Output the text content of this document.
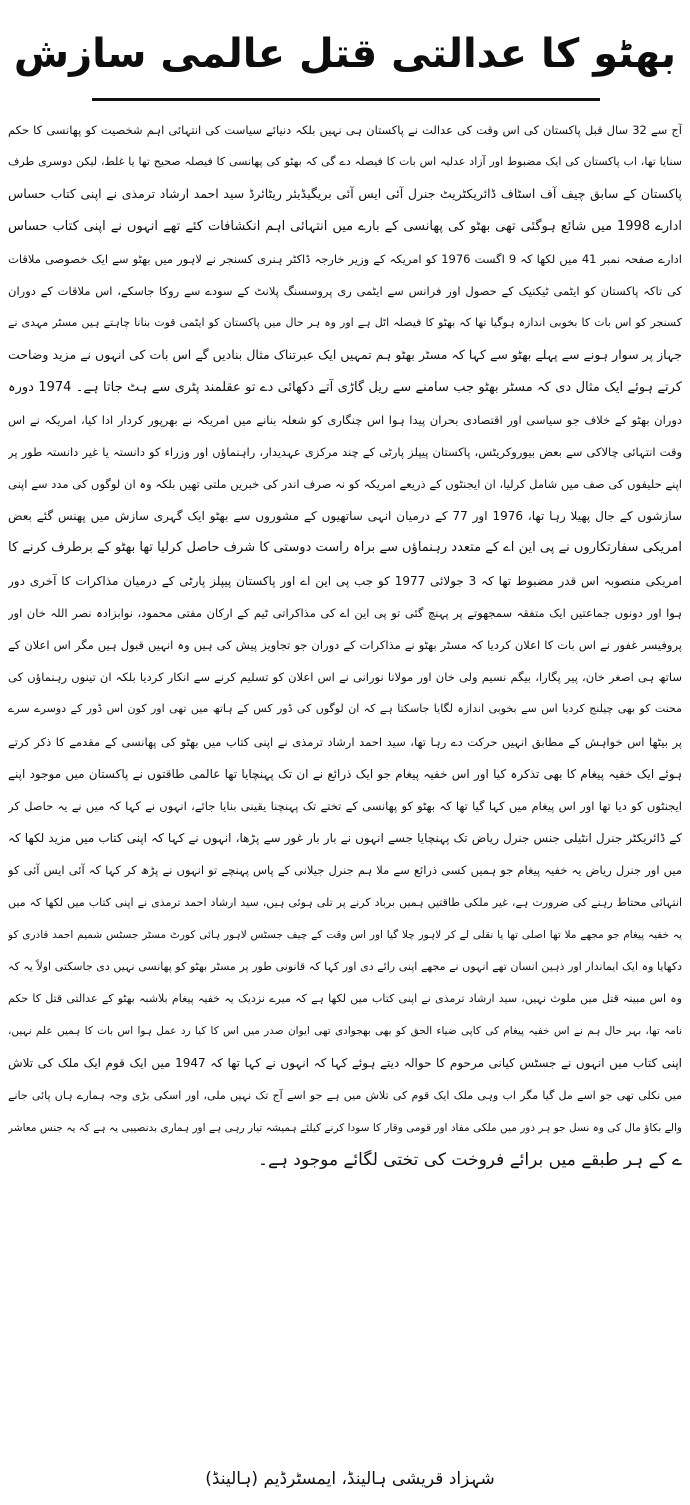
بھٹو کا عدالتی قتل عالمی سازش
آج سے 32 سال قبل پاکستان کی اس وقت کی عدالت نے پاکستان ہی نہیں بلکہ دنیائے سیاست کی انتہائی اہم شخصیت کو پھانسی کا حکم
سنایا تھا، اب پاکستان کی ایک مضبوط اور آزاد عدلیہ اس بات کا فیصلہ دے گی کہ بھٹو کی پھانسی کا فیصلہ صحیح تھا یا غلط، لیکن دوسری طرف
پاکستان کے سابق چیف آف اسٹاف ڈائریکٹریٹ جنرل آئی ایس آئی بریگیڈیئر ریٹائرڈ سید احمد ارشاد ترمذی نے اپنی کتاب حساس
ادارے 1998 میں شائع ہوگئی تھی بھٹو کی پھانسی کے بارے میں انتہائی اہم انکشافات کئے تھے انہوں نے اپنی کتاب حساس
ادارے صفحہ نمبر 41 میں لکھا کہ 9 اگست 1976 کو امریکہ کے وزیر خارجہ ڈاکٹر ہنری کسنجر نے لاہور میں بھٹو سے ایک خصوصی ملاقات
کی تاکہ پاکستان کو ایٹمی ٹیکنیک کے حصول اور فرانس سے ایٹمی ری پروسسنگ پلانٹ کے سودے سے روکا جاسکے، اس ملاقات کے دوران
کسنجر کو اس بات کا بخوبی اندازہ ہوگیا تھا کہ بھٹو کا فیصلہ اٹل ہے اور وہ ہر حال میں پاکستان کو ایٹمی قوت بنانا چاہتے ہیں مسٹر مہدی نے
جہاز پر سوار ہونے سے پہلے بھٹو سے کہا کہ مسٹر بھٹو ہم تمہیں ایک عبرتناک مثال بنادیں گے اس بات کی انہوں نے مزید وضاحت
کرتے ہوئے ایک مثال دی کہ مسٹر بھٹو جب سامنے سے ریل گاڑی آتے دکھائی دے تو عقلمند پٹری سے ہٹ جاتا ہے۔ 1974 دورہ
دوران بھٹو کے خلاف جو سیاسی اور اقتصادی بحران پیدا ہوا اس چنگاری کو شعلہ بنانے میں امریکہ نے بھرپور کردار ادا کیا، امریکہ نے اس
وقت انتہائی چالاکی سے بعض بیوروکریٹس، پاکستان پیپلز پارٹی کے چند مرکزی عہدیدار، راہنماؤں اور وزراء کو دانستہ یا غیر دانستہ طور پر
اپنے حلیفوں کی صف میں شامل کرلیا، ان ایجنٹوں کے ذریعے امریکہ کو نہ صرف اندر کی خبریں ملتی تھیں بلکہ وہ ان لوگوں کی مدد سے اپنی
سازشوں کے جال پھیلا رہا تھا، 1976 اور 77 کے درمیان انہی ساتھیوں کے مشوروں سے بھٹو ایک گہری سازش میں پھنس گئے بعض
امریکی سفارتکاروں نے پی این اے کے متعدد رہنماؤں سے براہ راست دوستی کا شرف حاصل کرلیا تھا بھٹو کے برطرف کرنے کا
امریکی منصوبہ اس قدر مضبوط تھا کہ 3 جولائی 1977 کو جب پی این اے اور پاکستان پیپلز پارٹی کے درمیان مذاکرات کا آخری دور
ہوا اور دونوں جماعتیں ایک متفقہ سمجھوتے پر پہنچ گئی تو پی این اے کی مذاکراتی ٹیم کے ارکان مفتی محمود، نوابزادہ نصر اللہ خان اور
پروفیسر غفور نے اس بات کا اعلان کردیا کہ مسٹر بھٹو نے مذاکرات کے دوران جو تجاویز پیش کی ہیں وہ انہیں قبول ہیں مگر اس اعلان کے
ساتھ ہی اصغر خان، پیر پگارا، بیگم نسیم ولی خان اور مولانا نورانی نے اس اعلان کو تسلیم کرنے سے انکار کردیا بلکہ ان تینوں رہنماؤں کی
محنت کو بھی چیلنج کردیا اس سے بخوبی اندازہ لگایا جاسکتا ہے کہ ان لوگوں کی ڈور کس کے ہاتھ میں تھی اور کون اس ڈور کے دوسرے سرے
پر بیٹھا اس خواہش کے مطابق انہیں حرکت دے رہا تھا، سید احمد ارشاد ترمذی نے اپنی کتاب میں بھٹو کی پھانسی کے مقدمے کا ذکر کرتے
ہوئے ایک خفیہ پیغام کا بھی تذکرہ کیا اور اس خفیہ پیغام جو ایک ذرائع نے ان تک پہنچایا تھا عالمی طاقتوں نے پاکستان میں موجود اپنے
ایجنٹوں کو دیا تھا اور اس پیغام میں کہا گیا تھا کہ بھٹو کو پھانسی کے تختے تک پہنچنا یقینی بنایا جائے، انہوں نے کہا کہ میں نے یہ حاصل کر
کے ڈائریکٹر جنرل انٹیلی جنس جنرل ریاض تک پہنچایا جسے انہوں نے بار بار غور سے پڑھا، انہوں نے کہا کہ اپنی کتاب میں مزید لکھا کہ
میں اور جنرل ریاض یہ خفیہ پیغام جو ہمیں کسی ذرائع سے ملا ہم جنرل جیلانی کے پاس پہنچے تو انہوں نے پڑھ کر کہا کہ آئی ایس آئی کو
انتہائی محتاط رہنے کی ضرورت ہے، غیر ملکی طاقتیں ہمیں برباد کرنے پر تلی ہوئی ہیں، سید ارشاد احمد ترمذی نے اپنی کتاب میں لکھا کہ میں
یہ خفیہ پیغام جو مجھے ملا تھا اصلی تھا یا نقلی لے کر لاہور چلا گیا اور اس وقت کے چیف جسٹس لاہور ہائی کورٹ مسٹر جسٹس شمیم احمد قادری کو
دکھایا وہ ایک ایماندار اور ذہین انسان تھے انہوں نے مجھے اپنی رائے دی اور کہا کہ قانونی طور پر مسٹر بھٹو کو پھانسی نہیں دی جاسکتی اولاً یہ کہ
وہ اس مبینہ قتل میں ملوث نہیں، سید ارشاد ترمذی نے اپنی کتاب میں لکھا ہے کہ میرے نزدیک یہ خفیہ پیغام بلاشبہ بھٹو کے عدالتی قتل کا حکم
نامہ تھا، بہر حال ہم نے اس خفیہ پیغام کی کاپی ضیاء الحق کو بھی بھجوادی تھی ایوان صدر میں اس کا کیا رد عمل ہوا اس بات کا ہمیں علم نہیں،
اپنی کتاب میں انہوں نے جسٹس کیانی مرحوم کا حوالہ دیتے ہوئے کہا کہ انہوں نے کہا تھا کہ 1947 میں ایک قوم ایک ملک کی تلاش
میں نکلی تھی جو اسے مل گیا مگر اب وہی ملک ایک قوم کی تلاش میں ہے جو اسے آج تک نہیں ملی، اور اسکی بڑی وجہ ہمارے ہاں پائی جانے
والے بکاؤ مال کی وہ نسل جو ہر دور میں ملکی مفاد اور قومی وقار کا سودا کرنے کیلئے ہمیشہ تیار رہی ہے اور ہماری بدنصیبی یہ ہے کہ یہ جنس معاشر
ے کے ہر طبقے میں برائے فروخت کی تختی لگائے موجود ہے۔
شہزاد قریشی ہالینڈ، ایمسٹرڈیم (ہالینڈ)
